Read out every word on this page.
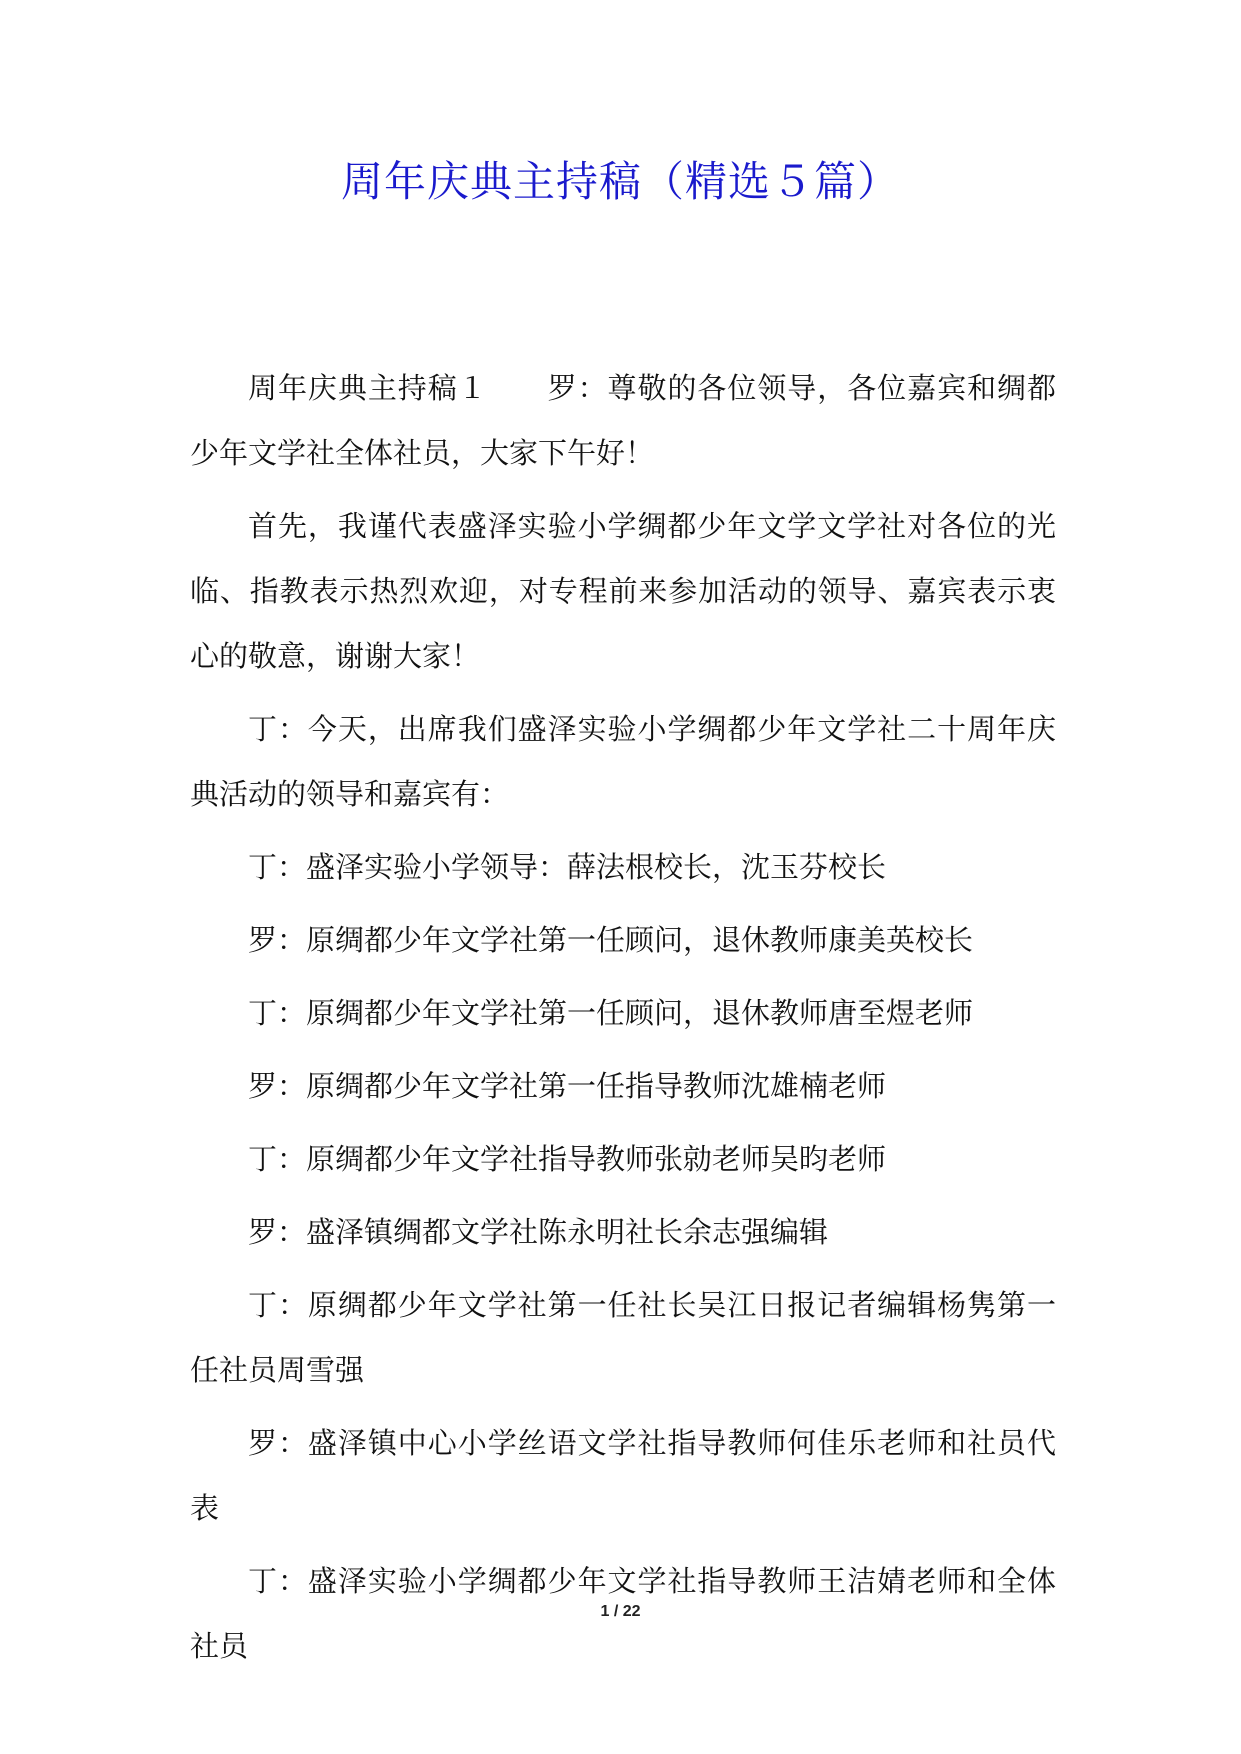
周年庆典主持稿（精选５篇）

周年庆典主持稿１　　罗：尊敬的各位领导，各位嘉宾和绸都少年文学社全体社员，大家下午好！

首先，我谨代表盛泽实验小学绸都少年文学文学社对各位的光临、指教表示热烈欢迎，对专程前来参加活动的领导、嘉宾表示衷心的敬意，谢谢大家！

丁：今天，出席我们盛泽实验小学绸都少年文学社二十周年庆典活动的领导和嘉宾有：

丁：盛泽实验小学领导：薛法根校长，沈玉芬校长

罗：原绸都少年文学社第一任顾问，退休教师康美英校长

丁：原绸都少年文学社第一任顾问，退休教师唐至煜老师

罗：原绸都少年文学社第一任指导教师沈雄楠老师

丁：原绸都少年文学社指导教师张勍老师吴昀老师

罗：盛泽镇绸都文学社陈永明社长余志强编辑

丁：原绸都少年文学社第一任社长吴江日报记者编辑杨隽第一任社员周雪强

罗：盛泽镇中心小学丝语文学社指导教师何佳乐老师和社员代表

丁：盛泽实验小学绸都少年文学社指导教师王洁婧老师和全体社员

1 / 22
